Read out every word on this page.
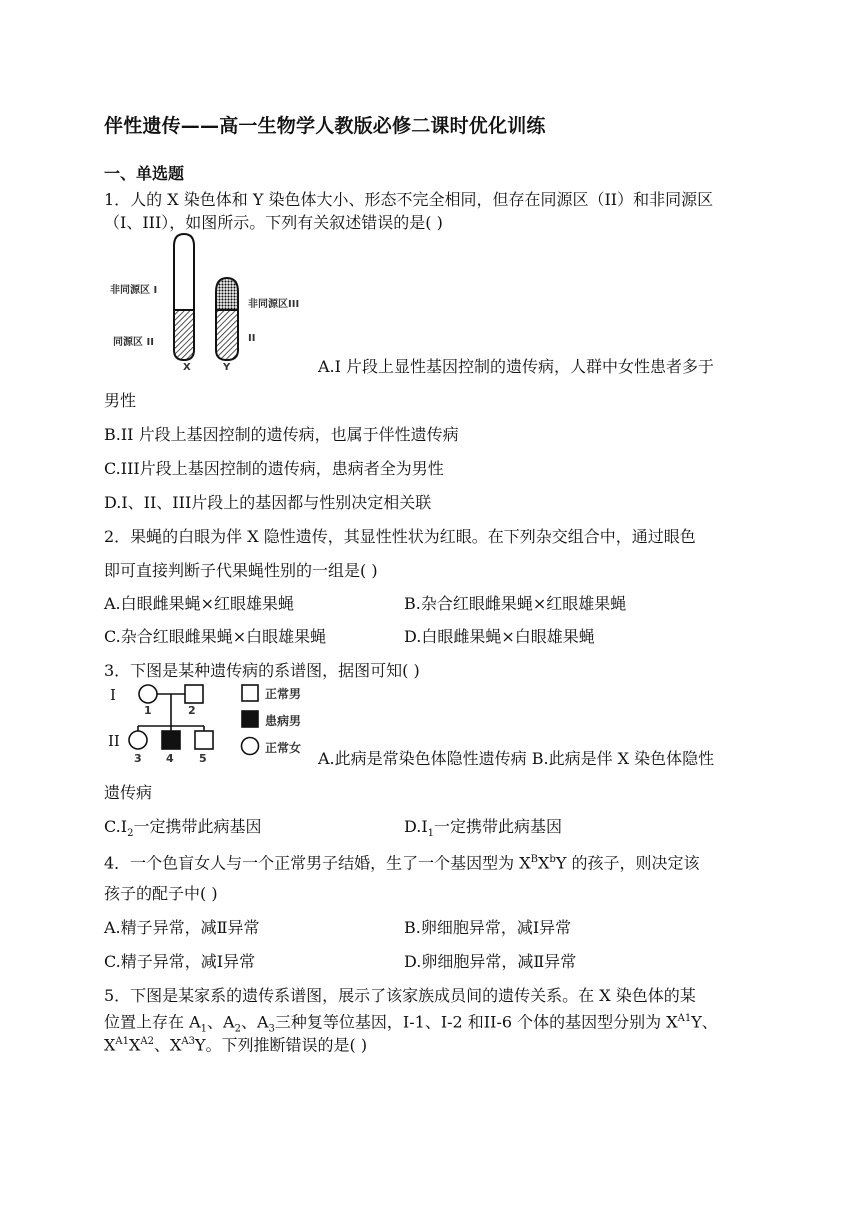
伴性遗传——高一生物学人教版必修二课时优化训练
一、单选题
1．人的 X 染色体和 Y 染色体大小、形态不完全相同，但存在同源区（II）和非同源区
（I、III），如图所示。下列有关叙述错误的是( )
非同源区 I
同源区 II
非同源区III
II
X	Y	A.I 片段上显性基因控制的遗传病，人群中女性患者多于
男性
B.II 片段上基因控制的遗传病，也属于伴性遗传病
C.III片段上基因控制的遗传病，患病者全为男性
D.I、II、III片段上的基因都与性别决定相关联
2．果蝇的白眼为伴 X 隐性遗传，其显性性状为红眼。在下列杂交组合中，通过眼色
即可直接判断子代果蝇性别的一组是( )
A.白眼雌果蝇×红眼雄果蝇	B.杂合红眼雌果蝇×红眼雄果蝇
C.杂合红眼雌果蝇×白眼雄果蝇	D.白眼雌果蝇×白眼雄果蝇
3．下图是某种遗传病的系谱图，据图可知( )
I
II
1	2
3 4 5
正常男
患病男
正常女
A.此病是常染色体隐性遗传病 B.此病是伴 X 染色体隐性
遗传病
$C.I_2$一定携带此病基因	$D.I_1$一定携带此病基因
4．一个色盲女人与一个正常男子结婚，生了一个基因型为 $X^BX^bY$ 的孩子，则决定该
孩子的配子中( )
A.精子异常，减Ⅱ异常	B.卵细胞异常，减Ⅰ异常
C.精子异常，减Ⅰ异常	D.卵细胞异常，减Ⅱ异常
5．下图是某家系的遗传系谱图，展示了该家族成员间的遗传关系。在 X 染色体的某
位置上存在 $A_1$、$A_2$、$A_3$三种复等位基因，I-1、I-2 和II-6 个体的基因型分别为 $X^{A1}Y$、
$X^{A1}X^{A2}$、$X^{A3}Y$。下列推断错误的是( )
